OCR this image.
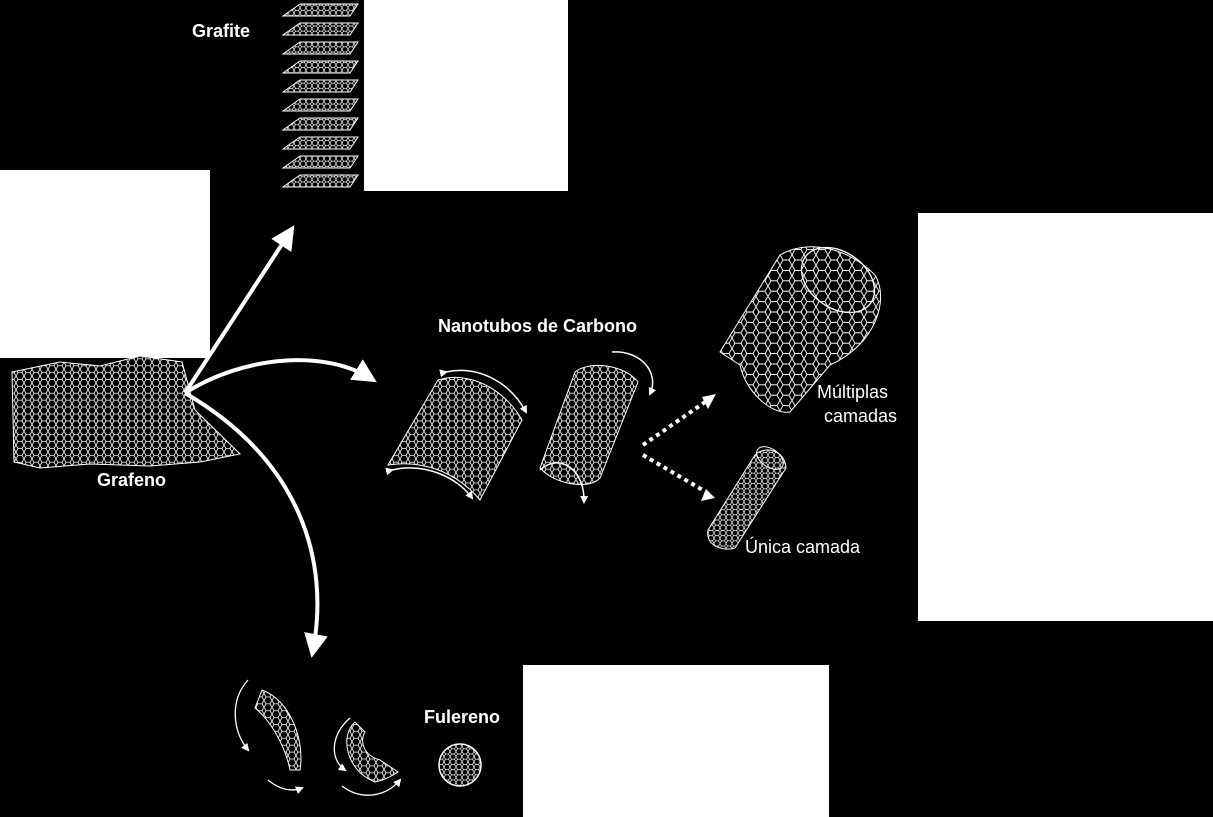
Grafite
Grafeno
Nanotubos de Carbono
Múltiplas
camadas
Única camada
Fulereno
